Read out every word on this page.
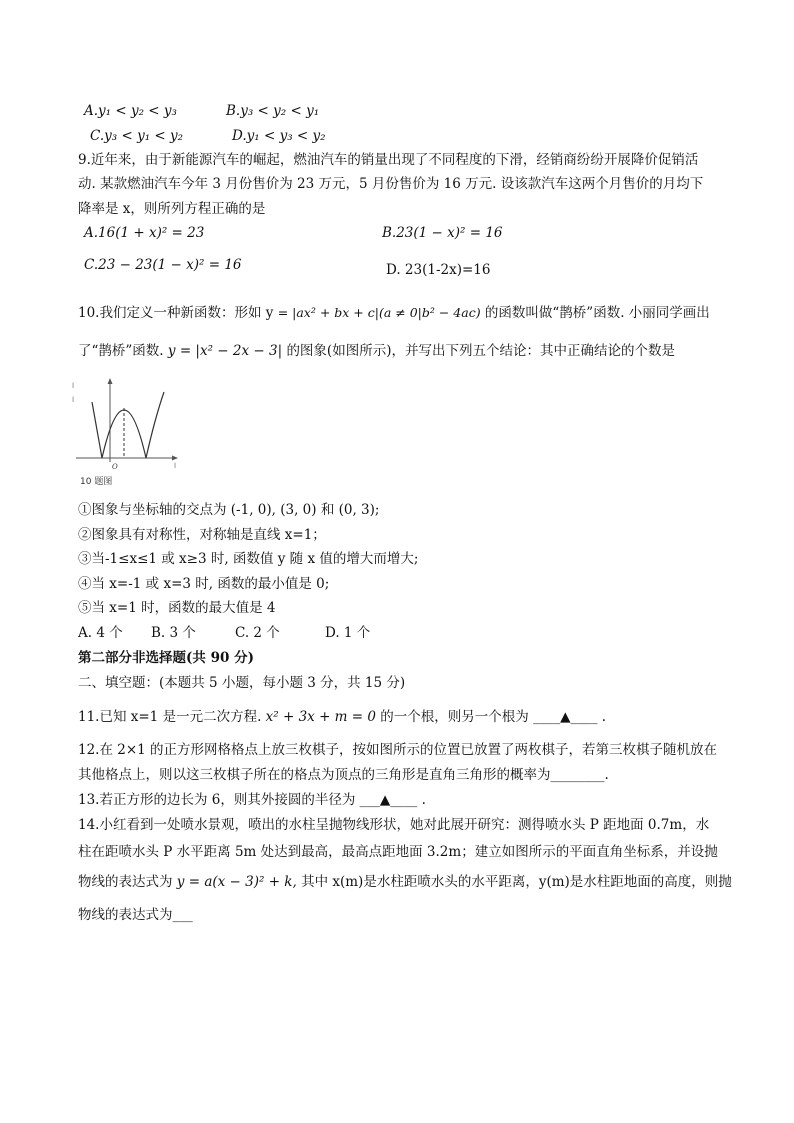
A.y₁ < y₂ < y₃	B.y₃ < y₂ < y₁
C.y₃ < y₁ < y₂	D.y₁ < y₃ < y₂
9.近年来，由于新能源汽车的崛起，燃油汽车的销量出现了不同程度的下滑，经销商纷纷开展降价促销活
动. 某款燃油汽车今年 3 月份售价为 23 万元，5 月份售价为 16 万元. 设该款汽车这两个月售价的月均下
降率是 x，则所列方程正确的是
A.16(1 + x)² = 23	B.23(1 − x)² = 16
C.23 − 23(1 − x)² = 16	D. 23(1-2x)=16
10.我们定义一种新函数：形如 y = |ax² + bx + c|(a ≠ 0|b² − 4ac) 的函数叫做“鹊桥”函数. 小丽同学画出
了“鹊桥”函数. y = |x² − 2x − 3| 的图象(如图所示)，并写出下列五个结论：其中正确结论的个数是
O
ǀ
ǀ
ǀ
10 题图
①图象与坐标轴的交点为 (-1, 0), (3, 0) 和 (0, 3);
②图象具有对称性，对称轴是直线 x=1；
③当-1≤x≤1 或 x≥3 时, 函数值 y 随 x 值的增大而增大;
④当 x=-1 或 x=3 时, 函数的最小值是 0;
⑤当 x=1 时，函数的最大值是 4
A. 4 个 B. 3 个	C. 2 个	D. 1 个
第二部分非选择题(共 90 分)
二、填空题：(本题共 5 小题，每小题 3 分，共 15 分)
11.已知 x=1 是一元二次方程. x² + 3x + m = 0 的一个根，则另一个根为 ____▲____ .
12.在 2×1 的正方形网格格点上放三枚棋子，按如图所示的位置已放置了两枚棋子，若第三枚棋子随机放在
其他格点上，则以这三枚棋子所在的格点为顶点的三角形是直角三角形的概率为________.
13.若正方形的边长为 6，则其外接圆的半径为 ___▲____ .
14.小红看到一处喷水景观，喷出的水柱呈抛物线形状，她对此展开研究：测得喷水头 P 距地面 0.7m，水
柱在距喷水头 P 水平距离 5m 处达到最高，最高点距地面 3.2m；建立如图所示的平面直角坐标系，并设抛
物线的表达式为 y = a(x − 3)² + k, 其中 x(m)是水柱距喷水头的水平距离，y(m)是水柱距地面的高度，则抛
物线的表达式为___
